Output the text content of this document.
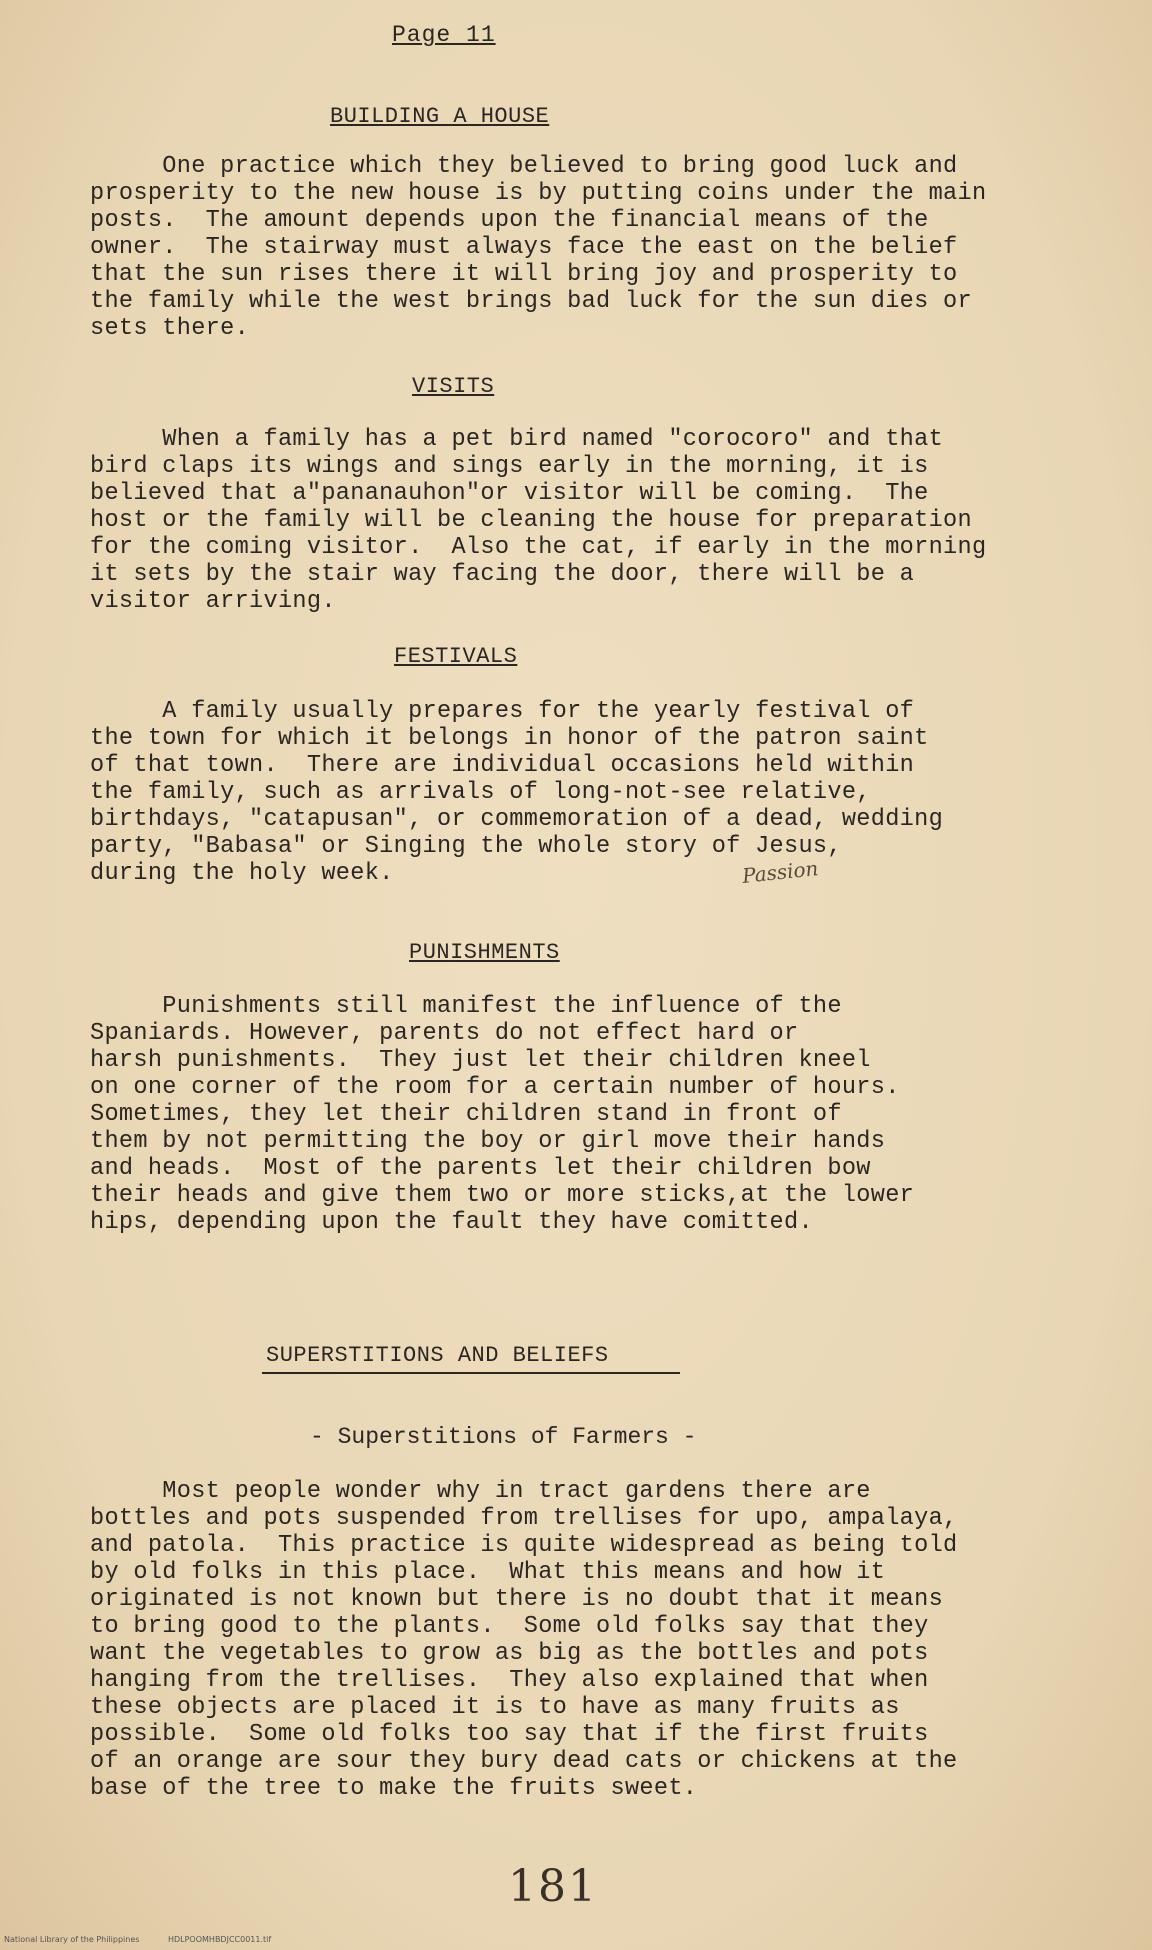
Page 11
BUILDING A HOUSE
One practice which they believed to bring good luck and
prosperity to the new house is by putting coins under the main
posts.  The amount depends upon the financial means of the
owner.  The stairway must always face the east on the belief
that the sun rises there it will bring joy and prosperity to
the family while the west brings bad luck for the sun dies or
sets there.
VISITS
When a family has a pet bird named "corocoro" and that
bird claps its wings and sings early in the morning, it is
believed that a"pananauhon"or visitor will be coming.  The
host or the family will be cleaning the house for preparation
for the coming visitor.  Also the cat, if early in the morning
it sets by the stair way facing the door, there will be a
visitor arriving.
FESTIVALS
A family usually prepares for the yearly festival of
the town for which it belongs in honor of the patron saint
of that town.  There are individual occasions held within
the family, such as arrivals of long-not-see relative,
birthdays, "catapusan", or commemoration of a dead, wedding
party, "Babasa" or Singing the whole story of Jesus,
during the holy week.	Passion
PUNISHMENTS
Punishments still manifest the influence of the
Spaniards. However, parents do not effect hard or
harsh punishments.  They just let their children kneel
on one corner of the room for a certain number of hours.
Sometimes, they let their children stand in front of
them by not permitting the boy or girl move their hands
and heads.  Most of the parents let their children bow
their heads and give them two or more sticks,at the lower
hips, depending upon the fault they have comitted.
SUPERSTITIONS AND BELIEFS
- Superstitions of Farmers -
Most people wonder why in tract gardens there are
bottles and pots suspended from trellises for upo, ampalaya,
and patola.  This practice is quite widespread as being told
by old folks in this place.  What this means and how it
originated is not known but there is no doubt that it means
to bring good to the plants.  Some old folks say that they
want the vegetables to grow as big as the bottles and pots
hanging from the trellises.  They also explained that when
these objects are placed it is to have as many fruits as
possible.  Some old folks too say that if the first fruits
of an orange are sour they bury dead cats or chickens at the
base of the tree to make the fruits sweet.
181
National Library of the Philippines	HDLPOOMHBDJCC0011.tif
